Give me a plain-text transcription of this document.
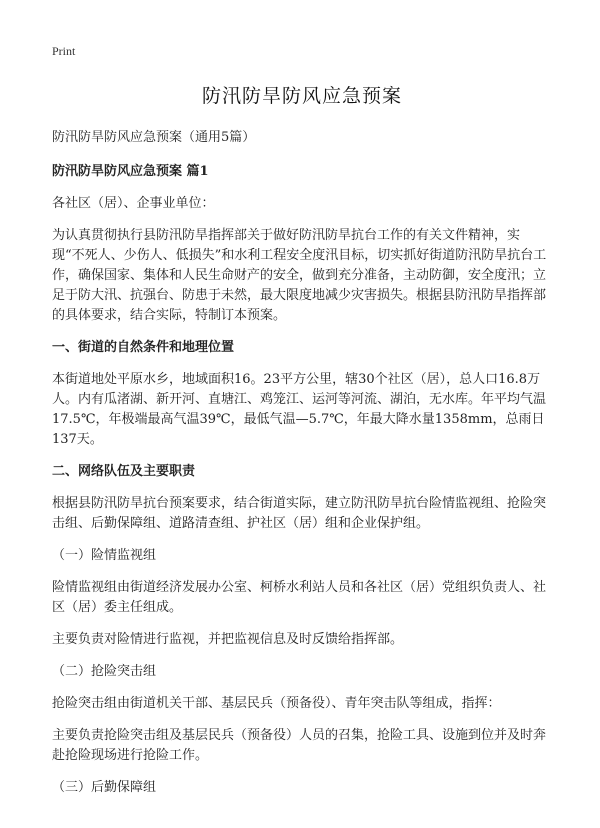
Print
防汛防旱防风应急预案

防汛防旱防风应急预案（通用5篇）

防汛防旱防风应急预案 篇1

各社区（居）、企事业单位：

为认真贯彻执行县防汛防旱指挥部关于做好防汛防旱抗台工作的有关文件精神，实现“不死人、少伤人、低损失”和水利工程安全度汛目标，切实抓好街道防汛防旱抗台工作，确保国家、集体和人民生命财产的安全，做到充分准备，主动防御，安全度汛；立足于防大汛、抗强台、防患于未然，最大限度地减少灾害损失。根据县防汛防旱指挥部的具体要求，结合实际，特制订本预案。

一、街道的自然条件和地理位置

本街道地处平原水乡，地域面积16。23平方公里，辖30个社区（居），总人口16.8万人。内有瓜渚湖、新开河、直塘江、鸡笼江、运河等河流、湖泊，无水库。年平均气温17.5℃，年极端最高气温39℃，最低气温—5.7℃，年最大降水量1358mm，总雨日137天。

二、网络队伍及主要职责

根据县防汛防旱抗台预案要求，结合街道实际，建立防汛防旱抗台险情监视组、抢险突击组、后勤保障组、道路清查组、护社区（居）组和企业保护组。

（一）险情监视组

险情监视组由街道经济发展办公室、柯桥水利站人员和各社区（居）党组织负责人、社区（居）委主任组成。

主要负责对险情进行监视，并把监视信息及时反馈给指挥部。

（二）抢险突击组

抢险突击组由街道机关干部、基层民兵（预备役）、青年突击队等组成，指挥：

主要负责抢险突击组及基层民兵（预备役）人员的召集，抢险工具、设施到位并及时奔赴抢险现场进行抢险工作。

（三）后勤保障组
